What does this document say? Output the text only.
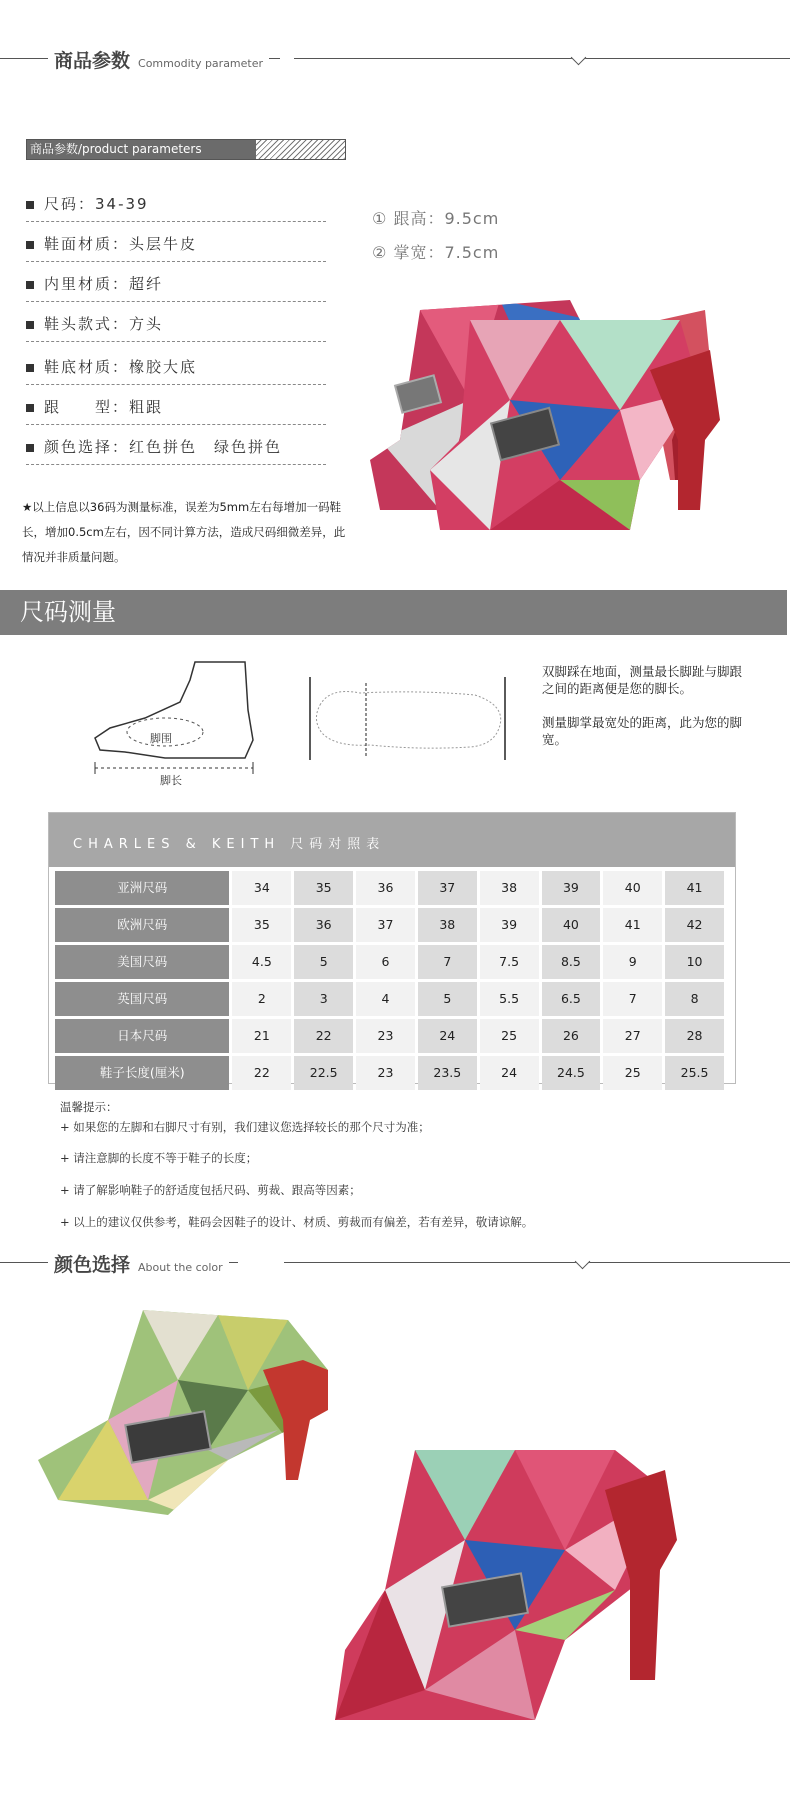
商品参数 Commodity parameter
商品参数/product parameters
尺码：34-39
鞋面材质：头层牛皮
内里材质：超纤
鞋头款式：方头
鞋底材质：橡胶大底
跟　　型：粗跟
颜色选择：红色拼色　绿色拼色
★以上信息以36码为测量标准，误差为5mm左右每增加一码鞋长，增加0.5cm左右，因不同计算方法，造成尺码细微差异，此情况并非质量问题。
① 跟高：9.5cm
② 掌宽：7.5cm
尺码测量
脚围
脚长
双脚踩在地面，测量最长脚趾与脚跟之间的距离便是您的脚长。
测量脚掌最宽处的距离，此为您的脚宽。
CHARLES & KEITH 尺码对照表
亚洲尺码	34	35	36	37	38	39	40	41
欧洲尺码	35	36	37	38	39	40	41	42
美国尺码	4.5	5	6	7	7.5	8.5	9	10
英国尺码	2	3	4	5	5.5	6.5	7	8
日本尺码	21	22	23	24	25	26	27	28
鞋子长度(厘米)	22	22.5	23	23.5	24	24.5	25	25.5
温馨提示：
+ 如果您的左脚和右脚尺寸有别，我们建议您选择较长的那个尺寸为准；
+ 请注意脚的长度不等于鞋子的长度；
+ 请了解影响鞋子的舒适度包括尺码、剪裁、跟高等因素；
+ 以上的建议仅供参考，鞋码会因鞋子的设计、材质、剪裁而有偏差，若有差异，敬请谅解。
颜色选择 About the color
